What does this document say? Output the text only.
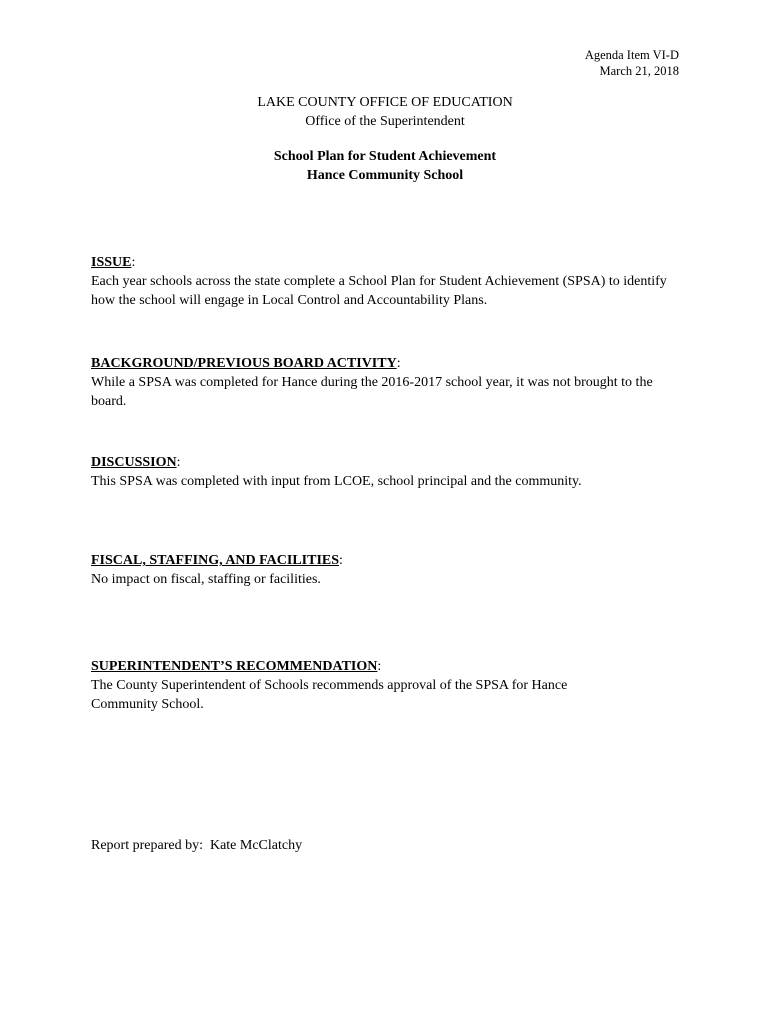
Agenda Item VI-D
March 21, 2018
LAKE COUNTY OFFICE OF EDUCATION
Office of the Superintendent
School Plan for Student Achievement
Hance Community School
ISSUE:
Each year schools across the state complete a School Plan for Student Achievement (SPSA) to identify how the school will engage in Local Control and Accountability Plans.
BACKGROUND/PREVIOUS BOARD ACTIVITY:
While a SPSA was completed for Hance during the 2016-2017 school year, it was not brought to the board.
DISCUSSION:
This SPSA was completed with input from LCOE, school principal and the community.
FISCAL, STAFFING, AND FACILITIES:
No impact on fiscal, staffing or facilities.
SUPERINTENDENT’S RECOMMENDATION:
The County Superintendent of Schools recommends approval of the SPSA for Hance
Community School.
Report prepared by: Kate McClatchy
